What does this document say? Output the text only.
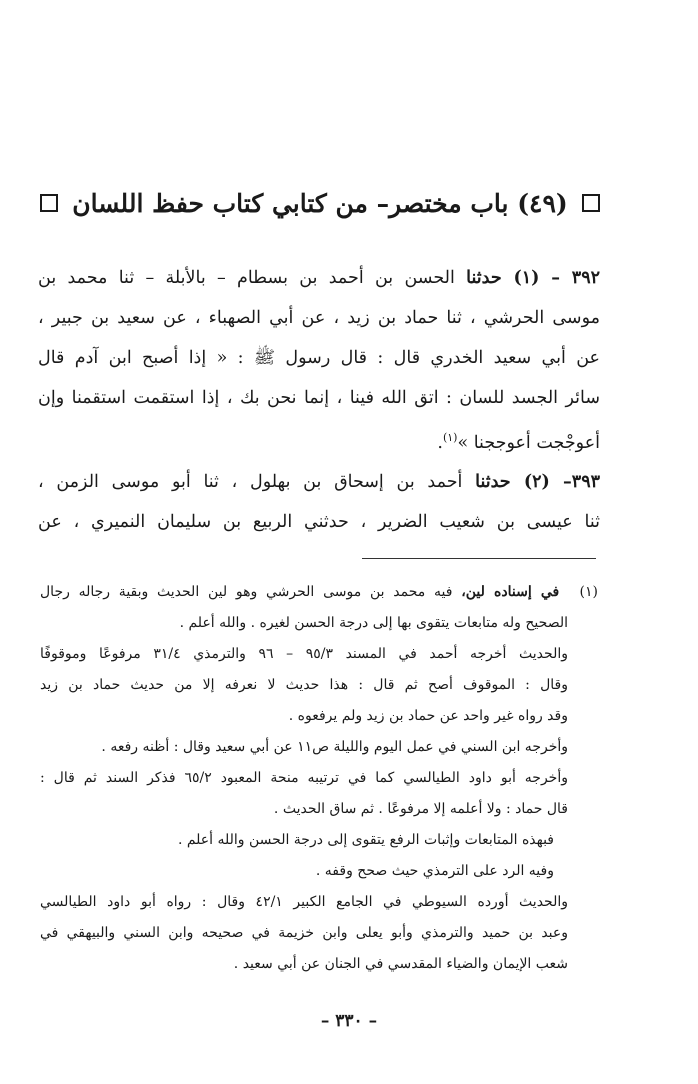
(٤٩) باب مختصر– من كتابي كتاب حفظ اللسان
٣٩٢ – (١) حدثنا الحسن بن أحمد بن بسطام – بالأبلة – ثنا محمد بن
موسى الحرشي ، ثنا حماد بن زيد ، عن أبي الصهباء ، عن سعيد بن جبير ،
عن أبي سعيد الخدري قال : قال رسول ﷺ : « إذا أصبح ابن آدم قال
سائر الجسد للسان : اتق الله فينا ، إنما نحن بك ، إذا استقمت استقمنا وإن
أعوجْجت أعوججنا »$^{(١)}$.
٣٩٣– (٢) حدثنا أحمد بن إسحاق بن بهلول ، ثنا أبو موسى الزمن ،
ثنا عيسى بن شعيب الضرير ، حدثني الربيع بن سليمان النميري ، عن
(١) في إسناده لين، فيه محمد بن موسى الحرشي وهو لين الحديث وبقية رجاله رجال
الصحيح وله متابعات يتقوى بها إلى درجة الحسن لغيره . والله أعلم .
والحديث أخرجه أحمد في المسند ٩٥/٣ – ٩٦ والترمذي ٣١/٤ مرفوعًا وموقوفًا
وقال : الموقوف أصح ثم قال : هذا حديث لا نعرفه إلا من حديث حماد بن زيد
وقد رواه غير واحد عن حماد بن زيد ولم يرفعوه .
وأخرجه ابن السني في عمل اليوم والليلة ص١١ عن أبي سعيد وقال : أظنه رفعه .
وأخرجه أبو داود الطيالسي كما في ترتيبه منحة المعبود ٦٥/٢ فذكر السند ثم قال :
قال حماد : ولا أعلمه إلا مرفوعًا . ثم ساق الحديث .
فبهذه المتابعات وإثبات الرفع يتقوى إلى درجة الحسن والله أعلم .
وفيه الرد على الترمذي حيث صحح وقفه .
والحديث أورده السيوطي في الجامع الكبير ٤٢/١ وقال : رواه أبو داود الطيالسي
وعبد بن حميد والترمذي وأبو يعلى وابن خزيمة في صحيحه وابن السني والبيهقي في
شعب الإيمان والضياء المقدسي في الجنان عن أبي سعيد .
– ٣٣٠ –
